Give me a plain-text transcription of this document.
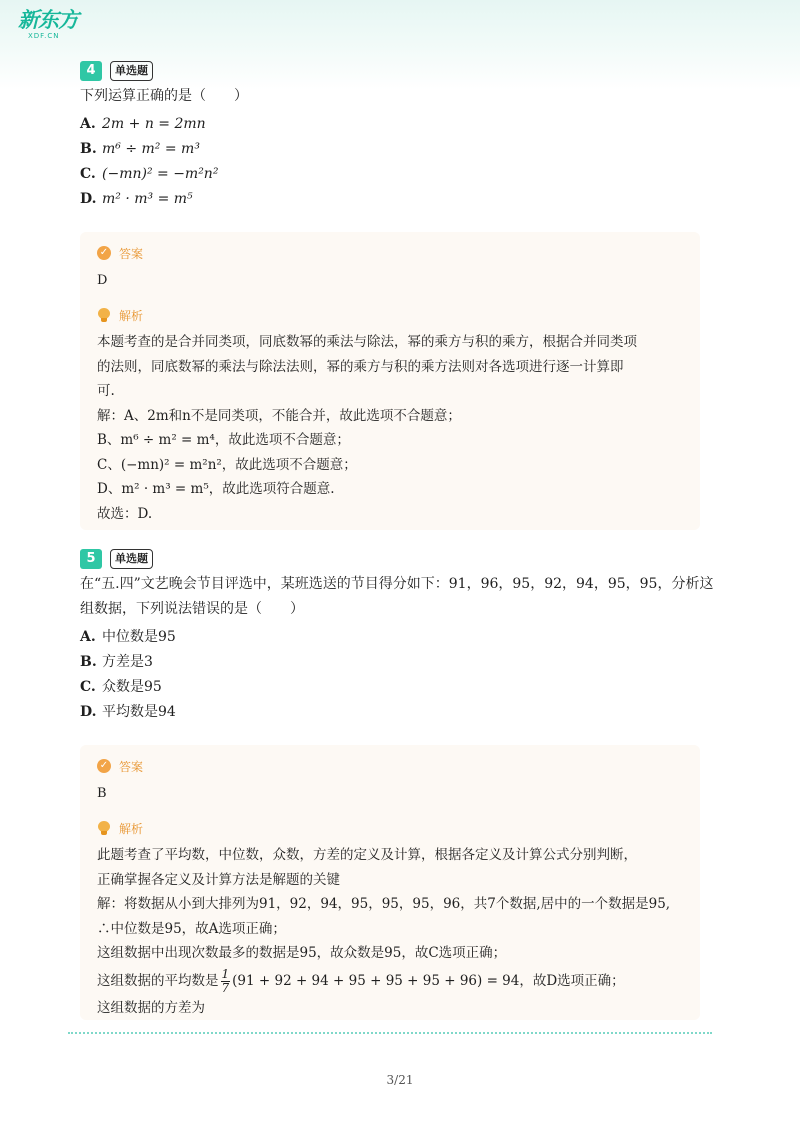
新东方
XDF.CN
4	单选题
下列运算正确的是（　　）
A. 2m + n = 2mn
B. m⁶ ÷ m² = m³
C. (−mn)² = −m²n²
D. m² · m³ = m⁵
✓ 答案
D
解析
本题考查的是合并同类项，同底数幂的乘法与除法，幂的乘方与积的乘方，根据合并同类项
的法则，同底数幂的乘法与除法法则，幂的乘方与积的乘方法则对各选项进行逐一计算即
可.
解：A、2m和n不是同类项，不能合并，故此选项不合题意；
B、m⁶ ÷ m² = m⁴，故此选项不合题意；
C、(−mn)² = m²n²，故此选项不合题意；
D、m² · m³ = m⁵，故此选项符合题意.
故选：D.
5	单选题
在“五.四”文艺晚会节目评选中，某班选送的节目得分如下：91，96，95，92，94，95，95，分析这
组数据，下列说法错误的是（　　）
A. 中位数是95
B. 方差是3
C. 众数是95
D. 平均数是94
✓ 答案
B
解析
此题考查了平均数，中位数，众数，方差的定义及计算，根据各定义及计算公式分别判断，
正确掌握各定义及计算方法是解题的关键
解：将数据从小到大排列为91，92，94，95，95，95，96，共7个数据,居中的一个数据是95,
∴中位数是95，故A选项正确；
这组数据中出现次数最多的数据是95，故众数是95，故C选项正确；
这组数据的平均数是 $\frac{1}{7} (91 + 92 + 94 + 95 + 95 + 95 + 96) = 94$，故D选项正确；
这组数据的方差为
3/21
